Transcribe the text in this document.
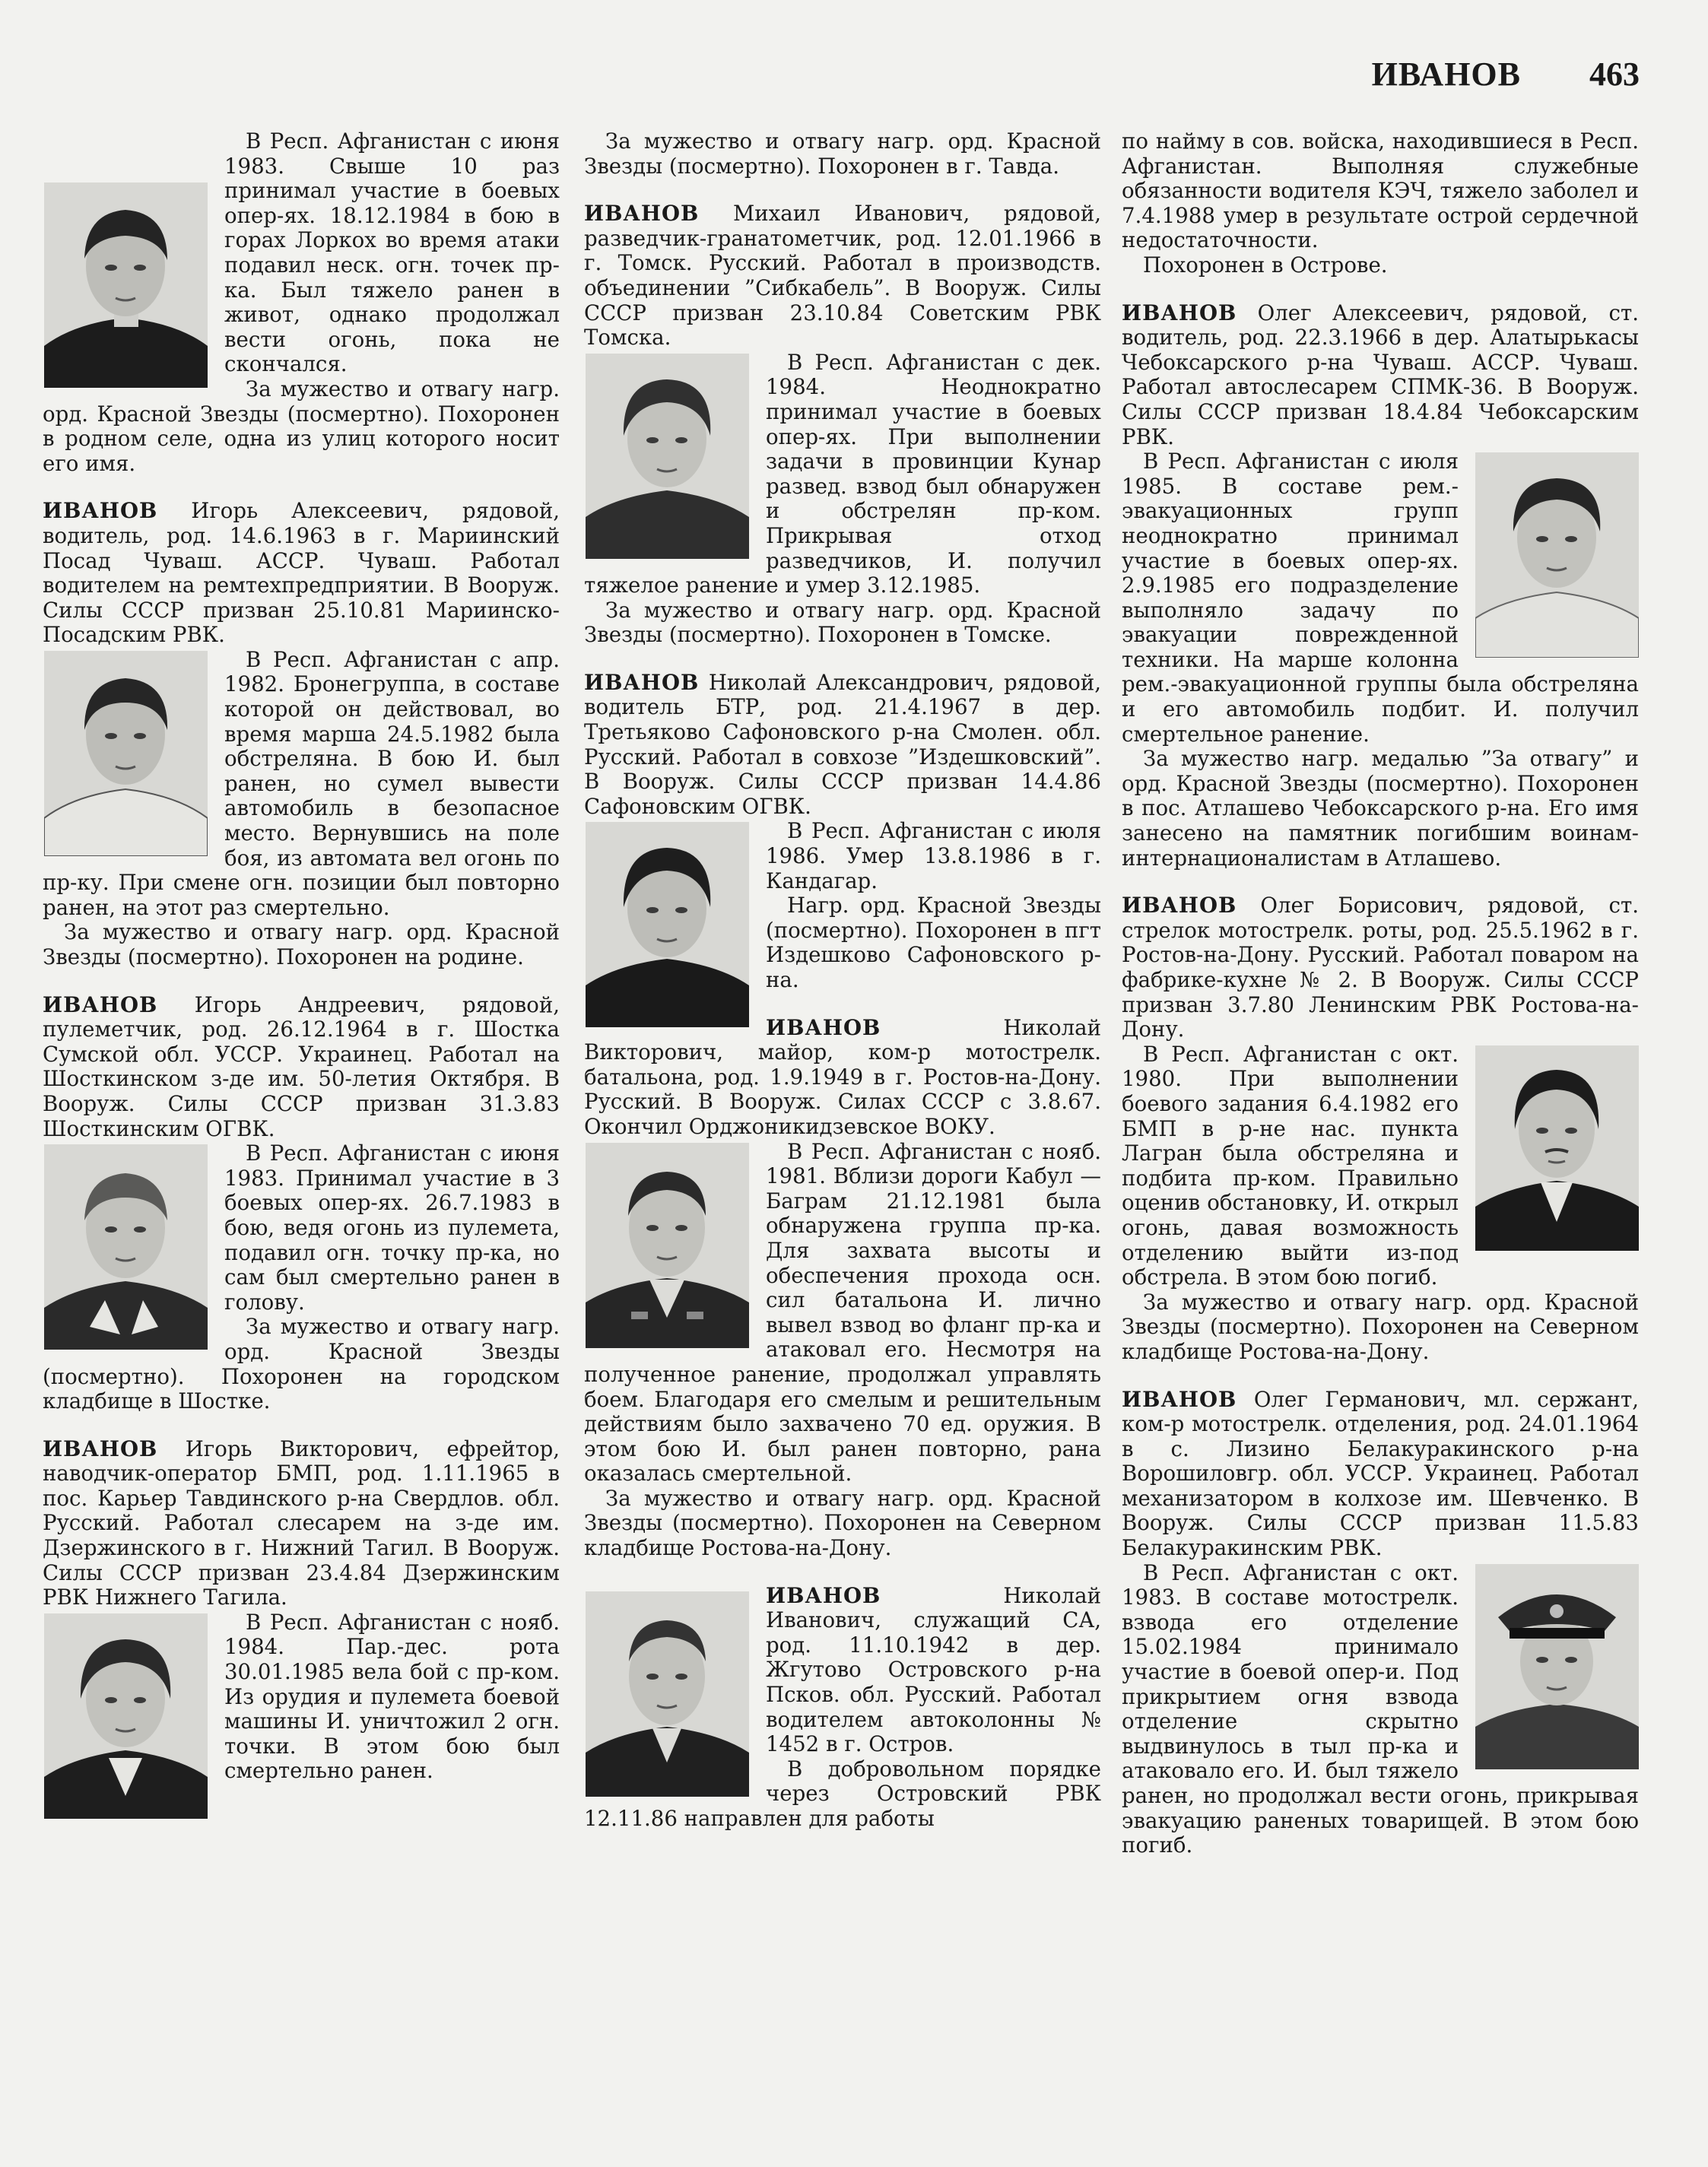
ИВАНОВ 463

В Респ. Афганистан с июня 1983. Свыше 10 раз принимал участие в боевых опер-ях. 18.12.1984 в бою в горах Лоркох во время атаки подавил неск. огн. точек пр-ка. Был тяжело ранен в живот, однако продолжал вести огонь, пока не скончался.

За мужество и отвагу нагр. орд. Красной Звезды (посмертно). Похоронен в родном селе, одна из улиц которого носит его имя.

ИВАНОВ Игорь Алексеевич, рядовой, водитель, род. 14.6.1963 в г. Мариинский Посад Чуваш. АССР. Чуваш. Работал водителем на ремтехпредприятии. В Вооруж. Силы СССР призван 25.10.81 Мариинско-Посадским РВК.

В Респ. Афганистан с апр. 1982. Бронегруппа, в составе которой он действовал, во время марша 24.5.1982 была обстреляна. В бою И. был ранен, но сумел вывести автомобиль в безопасное место. Вернувшись на поле боя, из автомата вел огонь по пр-ку. При смене огн. позиции был повторно ранен, на этот раз смертельно.

За мужество и отвагу нагр. орд. Красной Звезды (посмертно). Похоронен на родине.

ИВАНОВ Игорь Андреевич, рядовой, пулеметчик, род. 26.12.1964 в г. Шостка Сумской обл. УССР. Украинец. Работал на Шосткинском з-де им. 50-летия Октября. В Вооруж. Силы СССР призван 31.3.83 Шосткинским ОГВК.

В Респ. Афганистан с июня 1983. Принимал участие в 3 боевых опер-ях. 26.7.1983 в бою, ведя огонь из пулемета, подавил огн. точку пр-ка, но сам был смертельно ранен в голову.

За мужество и отвагу нагр. орд. Красной Звезды (посмертно). Похоронен на городском кладбище в Шостке.

ИВАНОВ Игорь Викторович, ефрейтор, наводчик-оператор БМП, род. 1.11.1965 в пос. Карьер Тавдинского р-на Свердлов. обл. Русский. Работал слесарем на з-де им. Дзержинского в г. Нижний Тагил. В Вооруж. Силы СССР призван 23.4.84 Дзержинским РВК Нижнего Тагила.

В Респ. Афганистан с нояб. 1984. Пар.-дес. рота 30.01.1985 вела бой с пр-ком. Из орудия и пулемета боевой машины И. уничтожил 2 огн. точки. В этом бою был смертельно ранен.

За мужество и отвагу нагр. орд. Красной Звезды (посмертно). Похоронен в г. Тавда.

ИВАНОВ Михаил Иванович, рядовой, разведчик-гранатометчик, род. 12.01.1966 в г. Томск. Русский. Работал в производств. объединении ”Сибкабель”. В Вооруж. Силы СССР призван 23.10.84 Советским РВК Томска.

В Респ. Афганистан с дек. 1984. Неоднократно принимал участие в боевых опер-ях. При выполнении задачи в провинции Кунар развед. взвод был обнаружен и обстрелян пр-ком. Прикрывая отход разведчиков, И. получил тяжелое ранение и умер 3.12.1985.

За мужество и отвагу нагр. орд. Красной Звезды (посмертно). Похоронен в Томске.

ИВАНОВ Николай Александрович, рядовой, водитель БТР, род. 21.4.1967 в дер. Третьяково Сафоновского р-на Смолен. обл. Русский. Работал в совхозе ”Издешковский”. В Вооруж. Силы СССР призван 14.4.86 Сафоновским ОГВК.

В Респ. Афганистан с июля 1986. Умер 13.8.1986 в г. Кандагар.

Нагр. орд. Красной Звезды (посмертно). Похоронен в пгт Издешково Сафоновского р-на.

ИВАНОВ	Николай Викторович, майор, ком-р мотострелк. батальона, род. 1.9.1949 в г. Ростов-на-Дону. Русский. В Вооруж. Силах СССР с 3.8.67. Окончил Орджоникидзевское ВОКУ.

В Респ. Афганистан с нояб. 1981. Вблизи дороги Кабул — Баграм 21.12.1981 была обнаружена группа пр-ка. Для захвата высоты и обеспечения прохода осн. сил батальона И. лично вывел взвод во фланг пр-ка и атаковал его. Несмотря на полученное ранение, продолжал управлять боем. Благодаря его смелым и решительным действиям было захвачено 70 ед. оружия. В этом бою И. был ранен повторно, рана оказалась смертельной.

За мужество и отвагу нагр. орд. Красной Звезды (посмертно). Похоронен на Северном кладбище Ростова-на-Дону.

ИВАНОВ	Николай Иванович, служащий СА, род. 11.10.1942 в дер. Жгутово Островского р-на Псков. обл. Русский. Работал водителем автоколонны № 1452 в г. Остров.

В добровольном порядке через Островский РВК 12.11.86 направлен для работы

по найму в сов. войска, находившиеся в Респ. Афганистан. Выполняя служебные обязанности водителя КЭЧ, тяжело заболел и 7.4.1988 умер в результате острой сердечной недостаточности.

Похоронен в Острове.

ИВАНОВ Олег Алексеевич, рядовой, ст. водитель, род. 22.3.1966 в дер. Алатырькасы Чебоксарского р-на Чуваш. АССР. Чуваш. Работал автослесарем СПМК-36. В Вооруж. Силы СССР призван 18.4.84 Чебоксарским РВК.

В Респ. Афганистан с июля 1985. В составе рем.-эвакуационных групп неоднократно принимал участие в боевых опер-ях. 2.9.1985 его подразделение выполняло задачу по эвакуации поврежденной техники. На марше колонна рем.-эвакуационной группы была обстреляна и его автомобиль подбит. И. получил смертельное ранение.

За мужество нагр. медалью ”За отвагу” и орд. Красной Звезды (посмертно). Похоронен в пос. Атлашево Чебоксарского р-на. Его имя занесено на памятник погибшим воинам-интернационалистам в Атлашево.

ИВАНОВ Олег Борисович, рядовой, ст. стрелок мотострелк. роты, род. 25.5.1962 в г. Ростов-на-Дону. Русский. Работал поваром на фабрике-кухне № 2. В Вооруж. Силы СССР призван 3.7.80 Ленинским РВК Ростова-на-Дону.

В Респ. Афганистан с окт. 1980. При выполнении боевого задания 6.4.1982 его БМП в р-не нас. пункта Лагран была обстреляна и подбита пр-ком. Правильно оценив обстановку, И. открыл огонь, давая возможность отделению выйти из-под обстрела. В этом бою погиб.

За мужество и отвагу нагр. орд. Красной Звезды (посмертно). Похоронен на Северном кладбище Ростова-на-Дону.

ИВАНОВ Олег Германович, мл. сержант, ком-р мотострелк. отделения, род. 24.01.1964 в с. Лизино Белакуракинского р-на Ворошиловгр. обл. УССР. Украинец. Работал механизатором в колхозе им. Шевченко. В Вооруж. Силы СССР призван 11.5.83 Белакуракинским РВК.

В Респ. Афганистан с окт. 1983. В составе мотострелк. взвода его отделение 15.02.1984 принимало участие в боевой опер-и. Под прикрытием огня взвода отделение скрытно выдвинулось в тыл пр-ка и атаковало его. И. был тяжело ранен, но продолжал вести огонь, прикрывая эвакуацию раненых товарищей. В этом бою погиб.
